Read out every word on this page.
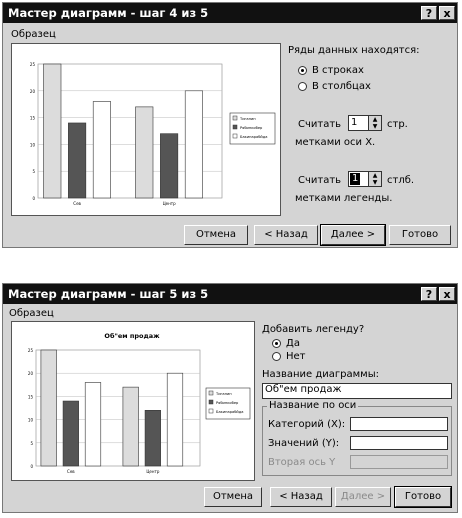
Мастер диаграмм - шаг 4 из 5	?	x
Образец
0
5
10
15
20
25
Сев	Центр
Тиганин
Рябинкобер
Бакинарабйда
Ряды данных находятся:
В строках
В столбцах
Считать 1	▲
▼ стр.
метками оси X.
Считать 1	▲
▼ стлб.
метками легенды.
Отмена	< Назад	Далее >	Готово
Мастер диаграмм - шаг 5 из 5	?	x
Образец
0
5
10
15
20
25
Сев	Центр
Об"ем продаж
Тиганин
Рябинкобер
Бакинарабйда
Добавить легенду?
Да
Нет
Название диаграммы:
Об"ем продаж
Название по оси
Категорий (X):
Значений (Y):
Вторая ось Y
Отмена	< Назад	Далее >	Готово
